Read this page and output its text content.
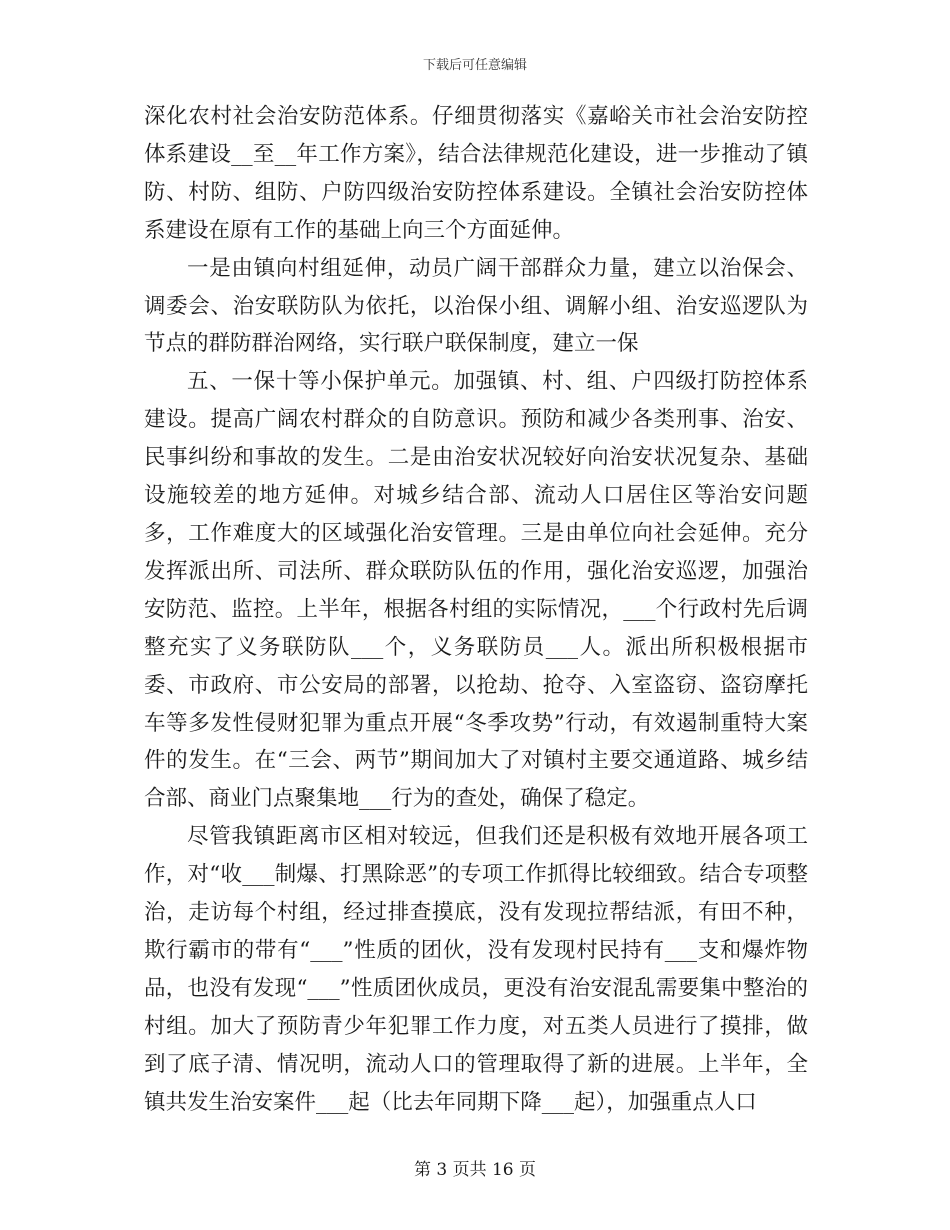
下载后可任意编辑

深化农村社会治安防范体系。仔细贯彻落实《嘉峪关市社会治安防控体系建设__至__年工作方案》，结合法律规范化建设，进一步推动了镇防、村防、组防、户防四级治安防控体系建设。全镇社会治安防控体系建设在原有工作的基础上向三个方面延伸。

一是由镇向村组延伸，动员广阔干部群众力量，建立以治保会、调委会、治安联防队为依托，以治保小组、调解小组、治安巡逻队为节点的群防群治网络，实行联户联保制度，建立一保

五、一保十等小保护单元。加强镇、村、组、户四级打防控体系建设。提高广阔农村群众的自防意识。预防和减少各类刑事、治安、民事纠纷和事故的发生。二是由治安状况较好向治安状况复杂、基础设施较差的地方延伸。对城乡结合部、流动人口居住区等治安问题多，工作难度大的区域强化治安管理。三是由单位向社会延伸。充分发挥派出所、司法所、群众联防队伍的作用，强化治安巡逻，加强治安防范、监控。上半年，根据各村组的实际情况，___个行政村先后调整充实了义务联防队___个，义务联防员___人。派出所积极根据市委、市政府、市公安局的部署，以抢劫、抢夺、入室盗窃、盗窃摩托车等多发性侵财犯罪为重点开展“冬季攻势”行动，有效遏制重特大案件的发生。在“三会、两节”期间加大了对镇村主要交通道路、城乡结合部、商业门点聚集地___行为的查处，确保了稳定。

尽管我镇距离市区相对较远，但我们还是积极有效地开展各项工作，对“收___制爆、打黑除恶”的专项工作抓得比较细致。结合专项整治，走访每个村组，经过排查摸底，没有发现拉帮结派，有田不种，欺行霸市的带有“___”性质的团伙，没有发现村民持有___支和爆炸物品，也没有发现“___”性质团伙成员，更没有治安混乱需要集中整治的村组。加大了预防青少年犯罪工作力度，对五类人员进行了摸排，做到了底子清、情况明，流动人口的管理取得了新的进展。上半年，全镇共发生治安案件___起（比去年同期下降___起），加强重点人口

第 3 页共 16 页
